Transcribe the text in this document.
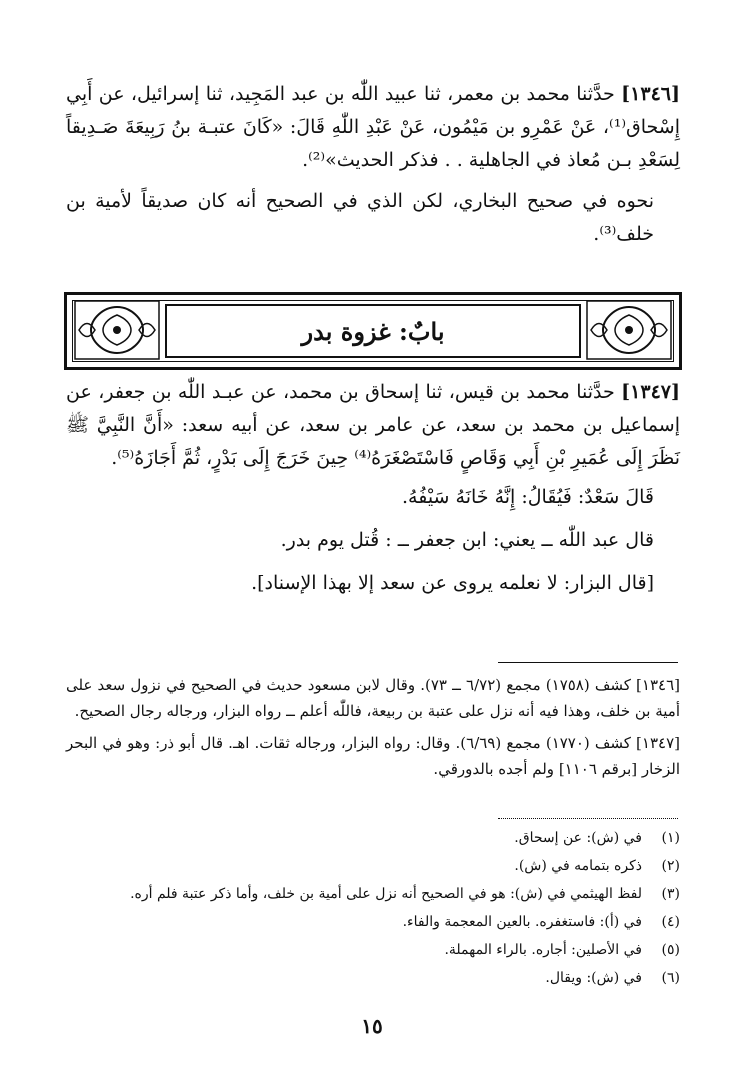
[١٣٤٦] حدَّثنا محمد بن معمر، ثنا عبيد اللّٰه بن عبد المَجِيد، ثنا إسرائيل، عن أَبِي إِسْحاق⁽¹⁾، عَنْ عَمْرِو بن مَيْمُون، عَنْ عَبْدِ اللّٰهِ قَالَ: «كَانَ عتبـة بنُ رَبِيعَةَ صَـدِيقاً لِسَعْدِ بـن مُعاذ في الجاهلية . . فذكر الحديث»⁽²⁾.

نحوه في صحيح البخاري، لكن الذي في الصحيح أنه كان صديقاً لأمية بن خلف⁽³⁾.

بابٌ: غزوة بدر

[١٣٤٧] حدَّثنا محمد بن قيس، ثنا إسحاق بن محمد، عن عبـد اللّٰه بن جعفر، عن إسماعيل بن محمد بن سعد، عن عامر بن سعد، عن أبيه سعد: «أَنَّ النَّبِيَّ ﷺ نَظَرَ إِلَى عُمَيرِ بْنِ أَبِي وَقَاصٍ فَاسْتَصْغَرَهُ⁽⁴⁾ حِينَ خَرَجَ إِلَى بَدْرٍ، ثُمَّ أَجَازَهُ⁽⁵⁾.

قَالَ سَعْدٌ: فَيُقَالُ: إِنَّهُ خَانَهُ سَيْفُهُ.

قال عبد اللّٰه ــ يعني: ابن جعفر ــ : قُتل يوم بدر.

[قال البزار: لا نعلمه يروى عن سعد إلا بهذا الإسناد].

[١٣٤٦] كشف (١٧٥٨) مجمع (٦/٧٢ ــ ٧٣). وقال لابن مسعود حديث في الصحيح في نزول سعد على أمية بن خلف، وهذا فيه أنه نزل على عتبة بن ربيعة، فاللّٰه أعلم ــ رواه البزار، ورجاله رجال الصحيح.

[١٣٤٧] كشف (١٧٧٠) مجمع (٦/٦٩). وقال: رواه البزار، ورجاله ثقات. اهـ. قال أبو ذر: وهو في البحر الزخار [برقم ١١٠٦] ولم أجده بالدورقي.

(١)
في (ش): عن إسحاق.
(٢)
ذكره بتمامه في (ش).
(٣)
لفظ الهيثمي في (ش): هو في الصحيح أنه نزل على أمية بن خلف، وأما ذكر عتبة فلم أره.
(٤)
في (أ): فاستغفره. بالعين المعجمة والفاء.
(٥)
في الأصلين: أجاره. بالراء المهملة.
(٦)
في (ش): ويقال.
١٥
